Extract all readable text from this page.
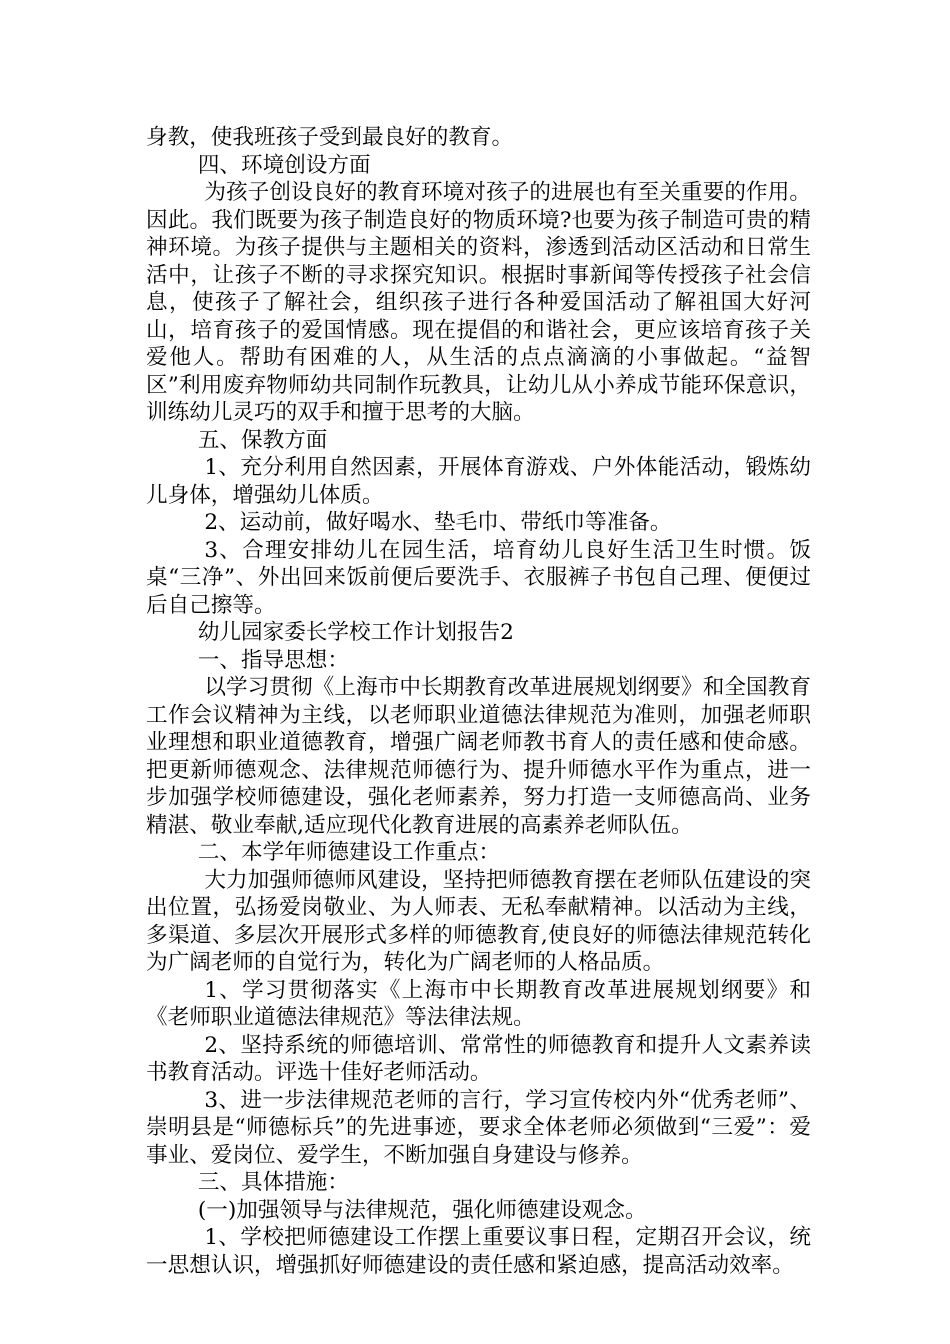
身教，使我班孩子受到最良好的教育。

四、环境创设方面

为孩子创设良好的教育环境对孩子的进展也有至关重要的作用。因此。我们既要为孩子制造良好的物质环境?也要为孩子制造可贵的精神环境。为孩子提供与主题相关的资料，渗透到活动区活动和日常生活中，让孩子不断的寻求探究知识。根据时事新闻等传授孩子社会信息，使孩子了解社会，组织孩子进行各种爱国活动了解祖国大好河山，培育孩子的爱国情感。现在提倡的和谐社会，更应该培育孩子关爱他人。帮助有困难的人，从生活的点点滴滴的小事做起。“益智区”利用废弃物师幼共同制作玩教具，让幼儿从小养成节能环保意识，训练幼儿灵巧的双手和擅于思考的大脑。

五、保教方面

1、充分利用自然因素，开展体育游戏、户外体能活动，锻炼幼儿身体，增强幼儿体质。

2、运动前，做好喝水、垫毛巾、带纸巾等准备。

3、合理安排幼儿在园生活，培育幼儿良好生活卫生时惯。饭桌“三净”、外出回来饭前便后要洗手、衣服裤子书包自己理、便便过后自己擦等。

幼儿园家委长学校工作计划报告2

一、指导思想：

以学习贯彻《上海市中长期教育改革进展规划纲要》和全国教育工作会议精神为主线，以老师职业道德法律规范为准则，加强老师职业理想和职业道德教育，增强广阔老师教书育人的责任感和使命感。把更新师德观念、法律规范师德行为、提升师德水平作为重点，进一步加强学校师德建设，强化老师素养，努力打造一支师德高尚、业务精湛、敬业奉献,适应现代化教育进展的高素养老师队伍。

二、本学年师德建设工作重点：

大力加强师德师风建设，坚持把师德教育摆在老师队伍建设的突出位置，弘扬爱岗敬业、为人师表、无私奉献精神。以活动为主线，多渠道、多层次开展形式多样的师德教育,使良好的师德法律规范转化为广阔老师的自觉行为，转化为广阔老师的人格品质。

1、学习贯彻落实《上海市中长期教育改革进展规划纲要》和《老师职业道德法律规范》等法律法规。

2、坚持系统的师德培训、常常性的师德教育和提升人文素养读书教育活动。评选十佳好老师活动。

3、进一步法律规范老师的言行，学习宣传校内外“优秀老师”、崇明县是“师德标兵”的先进事迹，要求全体老师必须做到“三爱”：爱事业、爱岗位、爱学生，不断加强自身建设与修养。

三、具体措施：

(一)加强领导与法律规范，强化师德建设观念。

1、学校把师德建设工作摆上重要议事日程，定期召开会议，统一思想认识，增强抓好师德建设的责任感和紧迫感，提高活动效率。
